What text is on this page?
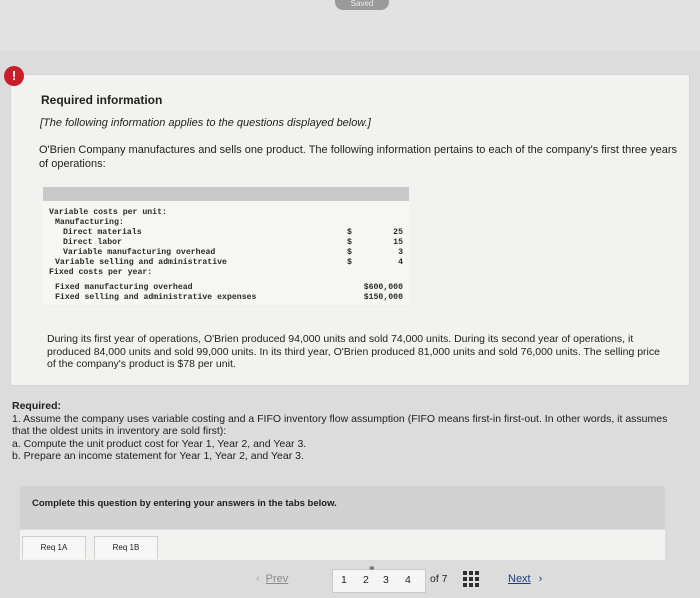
Saved
!
Required information
[The following information applies to the questions displayed below.]
O'Brien Company manufactures and sells one product. The following information pertains to each of the company's first three years of operations:
Variable costs per unit:
Manufacturing:
Direct materials	$	25
Direct labor	$	15
Variable manufacturing overhead	$	3
Variable selling and administrative	$	4
Fixed costs per year:
Fixed manufacturing overhead	$600,000
Fixed selling and administrative expenses	$150,000
During its first year of operations, O'Brien produced 94,000 units and sold 74,000 units. During its second year of operations, it produced 84,000 units and sold 99,000 units. In its third year, O'Brien produced 81,000 units and sold 76,000 units. The selling price of the company's product is $78 per unit.
Required:
1. Assume the company uses variable costing and a FIFO inventory flow assumption (FIFO means first-in first-out. In other words, it assumes that the oldest units in inventory are sold first):
a. Compute the unit product cost for Year 1, Year 2, and Year 3.
b. Prepare an income statement for Year 1, Year 2, and Year 3.
Complete this question by entering your answers in the tabs below.
Req 1A	Req 1B
‹ Prev	1 2
⚭
3 4 of 7	Next ›
